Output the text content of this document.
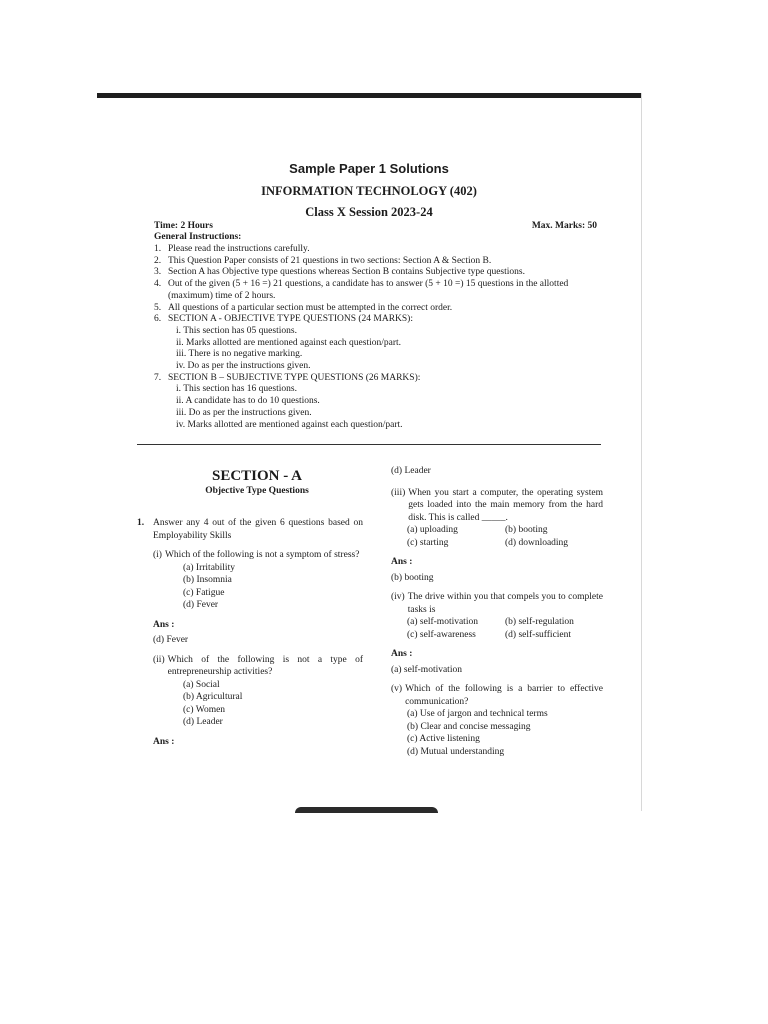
Sample Paper 1 Solutions
INFORMATION TECHNOLOGY (402)
Class X Session 2023-24
Time: 2 Hours	Max. Marks: 50
General Instructions:
1. Please read the instructions carefully.
2. This Question Paper consists of 21 questions in two sections: Section A & Section B.
3. Section A has Objective type questions whereas Section B contains Subjective type questions.
4. Out of the given (5 + 16 =) 21 questions, a candidate has to answer (5 + 10 =) 15 questions in the allotted
(maximum) time of 2 hours.
5. All questions of a particular section must be attempted in the correct order.
6. SECTION A - OBJECTIVE TYPE QUESTIONS (24 MARKS):
i. This section has 05 questions.
ii. Marks allotted are mentioned against each question/part.
iii. There is no negative marking.
iv. Do as per the instructions given.
7. SECTION B – SUBJECTIVE TYPE QUESTIONS (26 MARKS):
i. This section has 16 questions.
ii. A candidate has to do 10 questions.
iii. Do as per the instructions given.
iv. Marks allotted are mentioned against each question/part.
SECTION - A
Objective Type Questions
1. Answer any 4 out of the given 6 questions based on Employability Skills
(i) Which of the following is not a symptom of stress?
(a) Irritability
(b) Insomnia
(c) Fatigue
(d) Fever
Ans :
(d) Fever
(ii) Which of the following is not a type of entrepreneurship activities?
(a) Social
(b) Agricultural
(c) Women
(d) Leader
Ans :
(d) Leader
(iii) When you start a computer, the operating system gets loaded into the main memory from the hard disk. This is called _____.
(a) uploading	(b) booting
(c) starting	(d) downloading
Ans :
(b) booting
(iv) The drive within you that compels you to complete tasks is
(a) self-motivation	(b) self-regulation
(c) self-awareness	(d) self-sufficient
Ans :
(a) self-motivation
(v) Which of the following is a barrier to effective communication?
(a) Use of jargon and technical terms
(b) Clear and concise messaging
(c) Active listening
(d) Mutual understanding
